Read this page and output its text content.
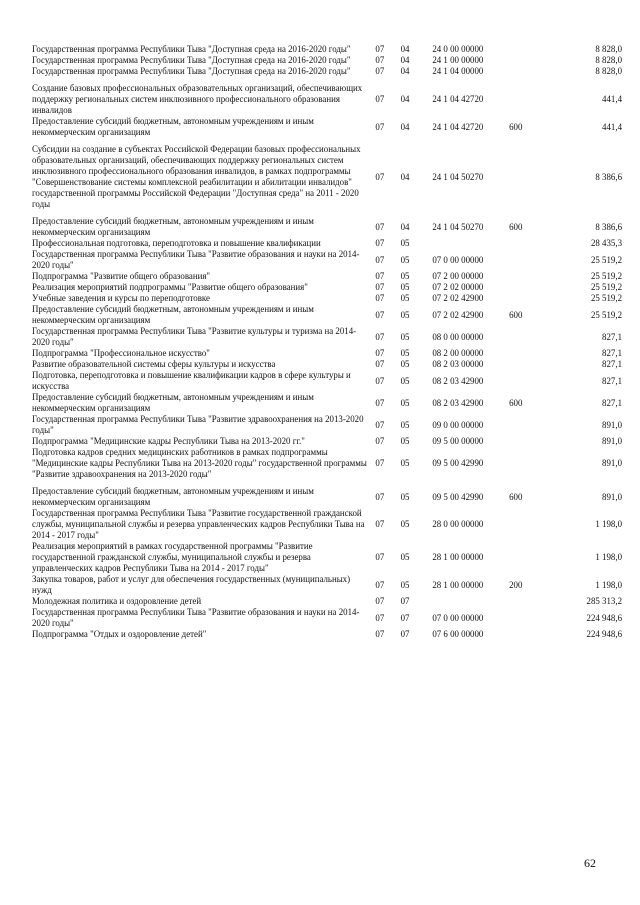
Государственная программа Республики Тыва "Доступная среда на 2016-2020 годы"	07	04	24 0 00 00000		8 828,0
Государственная программа Республики Тыва "Доступная среда на 2016-2020 годы"	07	04	24 1 00 00000		8 828,0
Государственная программа Республики Тыва "Доступная среда на 2016-2020 годы"	07	04	24 1 04 00000		8 828,0
Создание базовых профессиональных образовательных организаций, обеспечивающих поддержку региональных систем инклюзивного профессионального образования инвалидов	07	04	24 1 04 42720		441,4
Предоставление субсидий бюджетным, автономным учреждениям и иным некоммерческим организациям	07	04	24 1 04 42720	600	441,4
Субсидии на создание в субъектах Российской Федерации базовых профессиональных образовательных организаций, обеспечивающих поддержку региональных систем инклюзивного профессионального образования инвалидов, в рамках подпрограммы "Совершенствование системы комплексной реабилитации и абилитации инвалидов" государственной программы Российской Федерации "Доступная среда" на 2011 - 2020 годы	07	04	24 1 04 50270		8 386,6
Предоставление субсидий бюджетным, автономным учреждениям и иным некоммерческим организациям	07	04	24 1 04 50270	600	8 386,6
Профессиональная подготовка, переподготовка и повышение квалификации	07	05			28 435,3
Государственная программа Республики Тыва "Развитие образования и науки на 2014-2020 годы"	07	05	07 0 00 00000		25 519,2
Подпрограмма "Развитие общего образования"	07	05	07 2 00 00000		25 519,2
Реализация мероприятий подпрограммы "Развитие общего образования"	07	05	07 2 02 00000		25 519,2
Учебные заведения и курсы по переподготовке	07	05	07 2 02 42900		25 519,2
Предоставление субсидий бюджетным, автономным учреждениям и иным некоммерческим организациям	07	05	07 2 02 42900	600	25 519,2
Государственная программа Республики Тыва "Развитие культуры и туризма на 2014-2020 годы"	07	05	08 0 00 00000		827,1
Подпрограмма "Профессиональное искусство"	07	05	08 2 00 00000		827,1
Развитие образовательной системы сферы культуры и искусства	07	05	08 2 03 00000		827,1
Подготовка, переподготовка и повышение квалификации кадров в сфере культуры и искусства	07	05	08 2 03 42900		827,1
Предоставление субсидий бюджетным, автономным учреждениям и иным некоммерческим организациям	07	05	08 2 03 42900	600	827,1
Государственная программа Республики Тыва "Развитие здравоохранения на 2013-2020 годы"	07	05	09 0 00 00000		891,0
Подпрограмма "Медицинские кадры Республики Тыва на 2013-2020 гг."	07	05	09 5 00 00000		891,0
Подготовка кадров средних медицинских работников в рамках подпрограммы "Медицинские кадры Республики Тыва на 2013-2020 годы" государственной программы "Развитие здравоохранения на 2013-2020 годы"	07	05	09 5 00 42990		891,0
Предоставление субсидий бюджетным, автономным учреждениям и иным некоммерческим организациям	07	05	09 5 00 42990	600	891,0
Государственная программа Республики Тыва "Развитие государственной гражданской службы, муниципальной службы и резерва управленческих кадров Республики Тыва на 2014 - 2017 годы"	07	05	28 0 00 00000		1 198,0
Реализация мероприятий в рамках государственной программы "Развитие государственной гражданской службы, муниципальной службы и резерва управленческих кадров Республики Тыва на 2014 - 2017 годы"	07	05	28 1 00 00000		1 198,0
Закупка товаров, работ и услуг для обеспечения государственных (муниципальных) нужд	07	05	28 1 00 00000	200	1 198,0
Молодежная политика и оздоровление детей	07	07			285 313,2
Государственная программа Республики Тыва "Развитие образования и науки на 2014-2020 годы"	07	07	07 0 00 00000		224 948,6
Подпрограмма "Отдых и оздоровление детей"	07	07	07 6 00 00000		224 948,6
62
